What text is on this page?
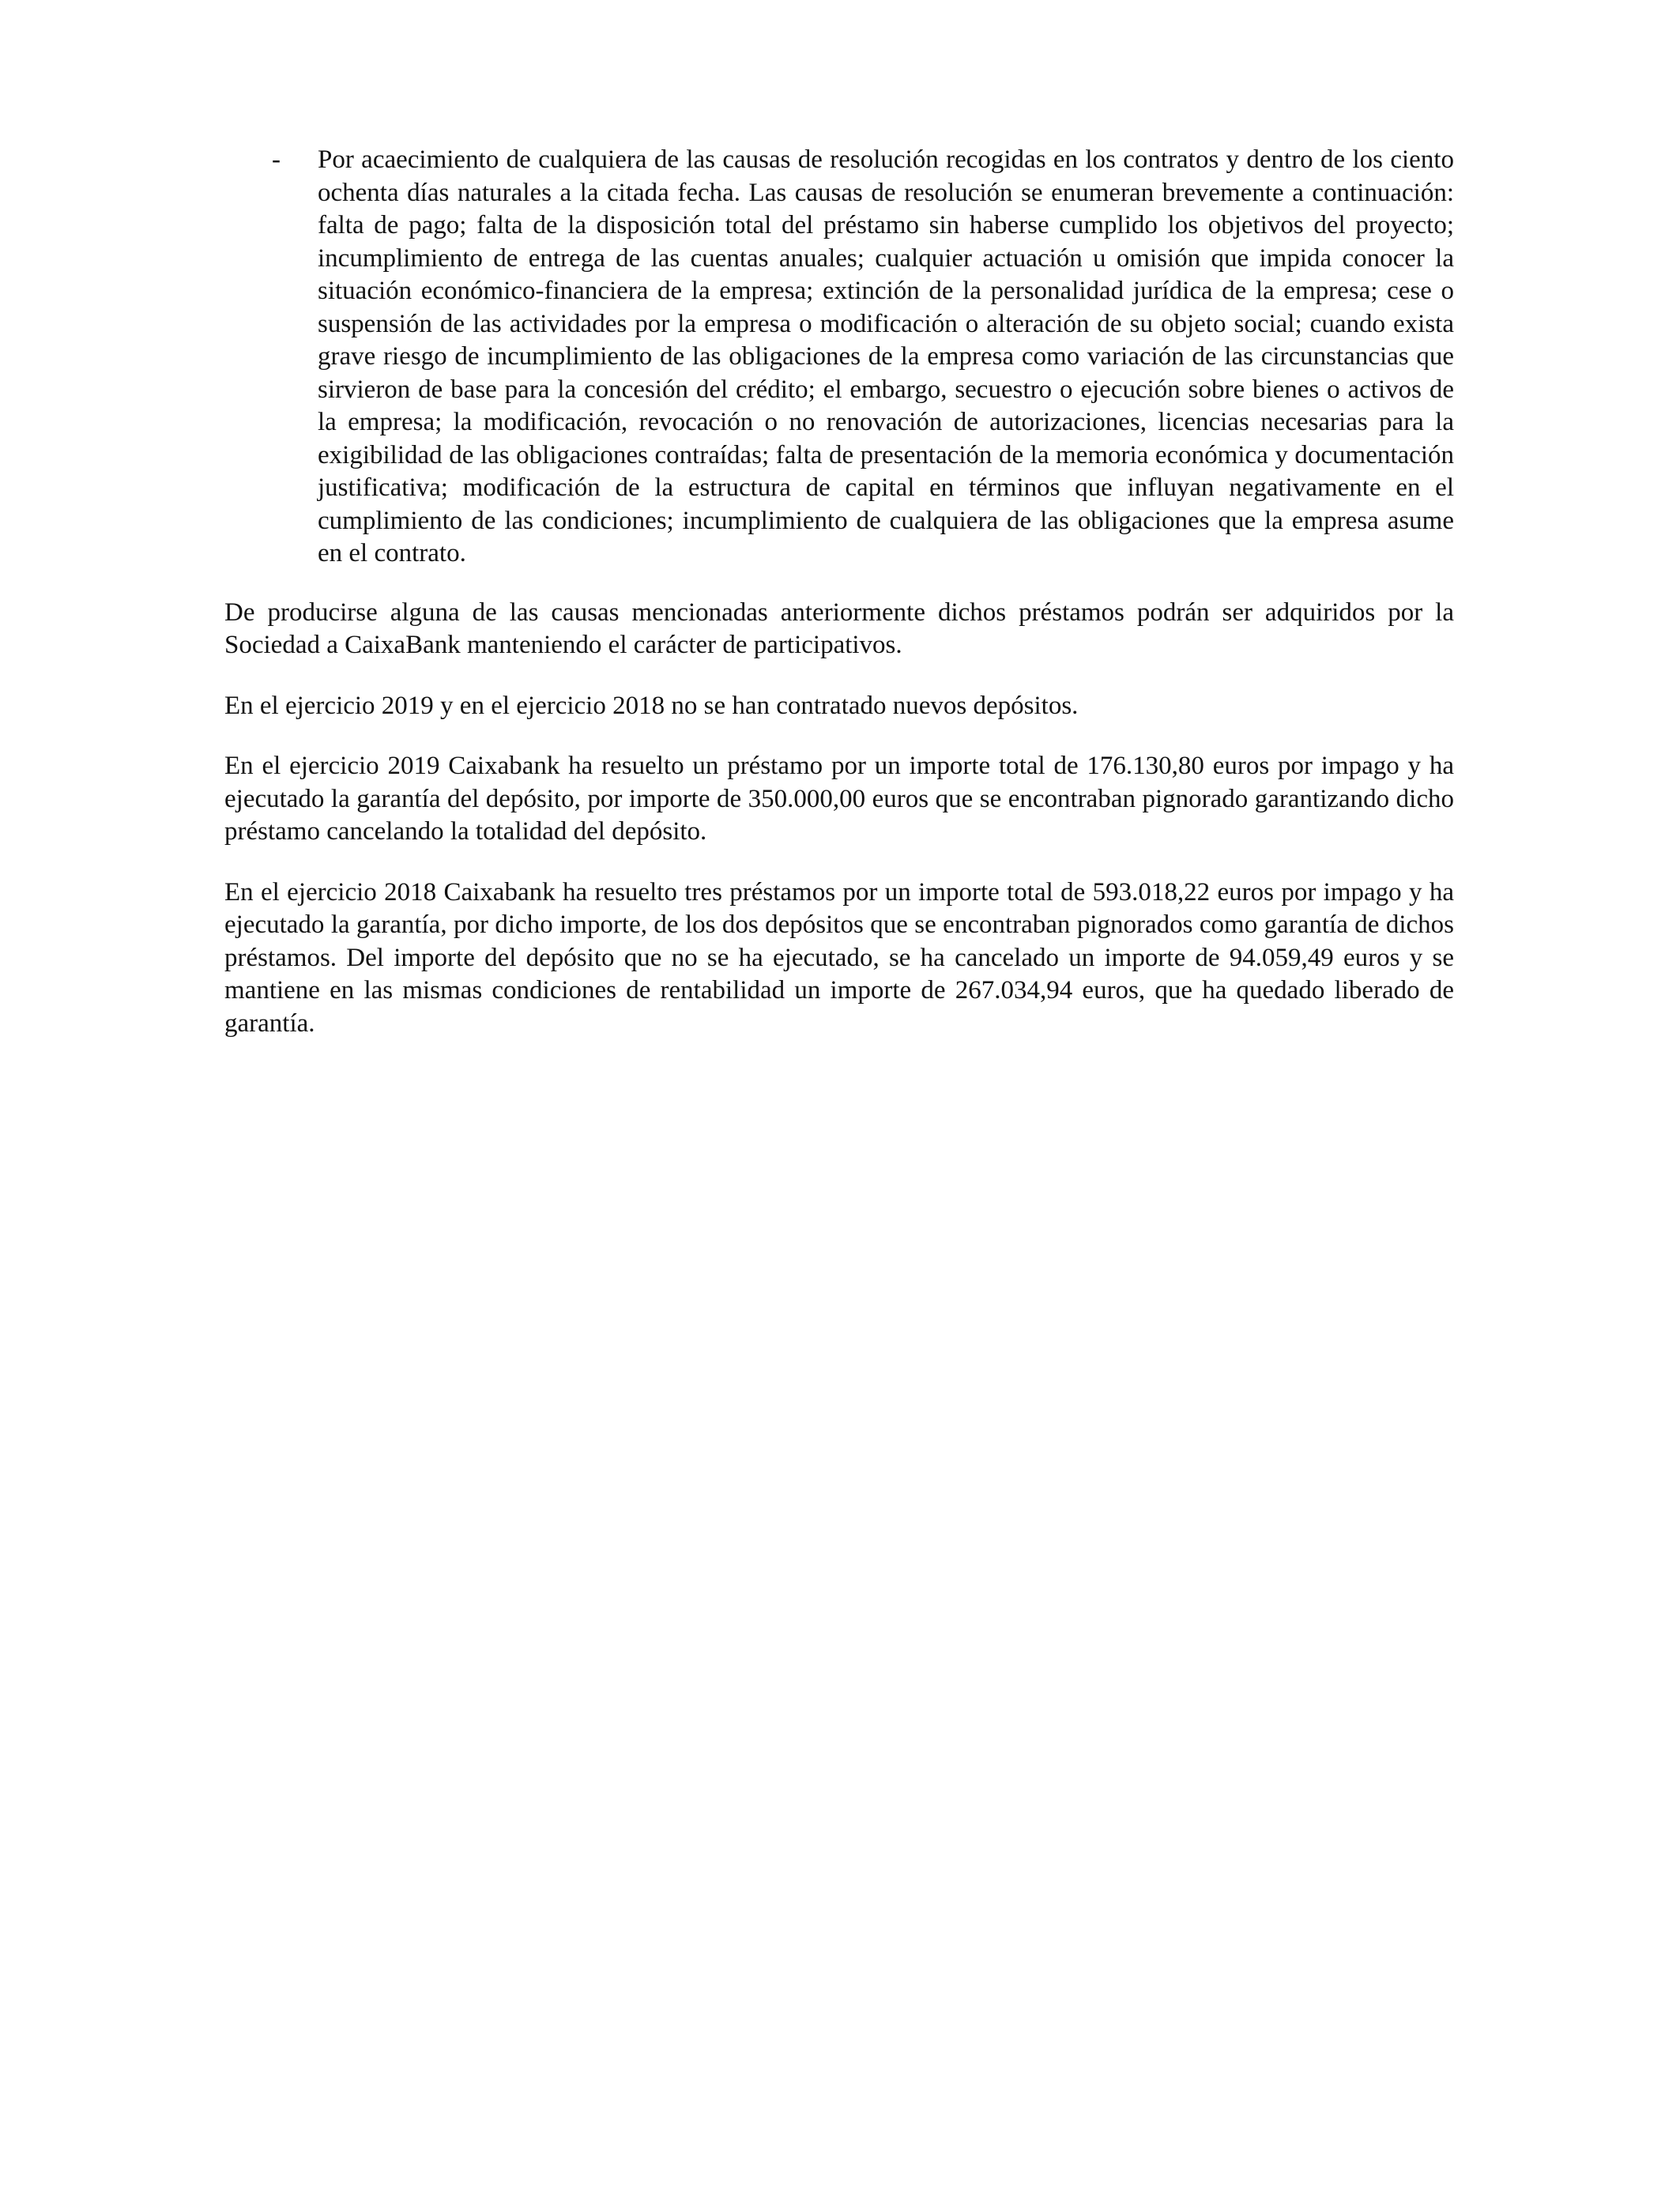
- Por acaecimiento de cualquiera de las causas de resolución recogidas en los contratos y dentro de los ciento ochenta días naturales a la citada fecha. Las causas de resolución se enumeran brevemente a continuación: falta de pago; falta de la disposición total del préstamo sin haberse cumplido los objetivos del proyecto; incumplimiento de entrega de las cuentas anuales; cualquier actuación u omisión que impida conocer la situación económico-financiera de la empresa; extinción de la personalidad jurídica de la empresa; cese o suspensión de las actividades por la empresa o modificación o alteración de su objeto social; cuando exista grave riesgo de incumplimiento de las obligaciones de la empresa como variación de las circunstancias que sirvieron de base para la concesión del crédito; el embargo, secuestro o ejecución sobre bienes o activos de la empresa; la modificación, revocación o no renovación de autorizaciones, licencias necesarias para la exigibilidad de las obligaciones contraídas; falta de presentación de la memoria económica y documentación justificativa; modificación de la estructura de capital en términos que influyan negativamente en el cumplimiento de las condiciones; incumplimiento de cualquiera de las obligaciones que la empresa asume en el contrato.

De producirse alguna de las causas mencionadas anteriormente dichos préstamos podrán ser adquiridos por la Sociedad a CaixaBank manteniendo el carácter de participativos.

En el ejercicio 2019 y en el ejercicio 2018 no se han contratado nuevos depósitos.

En el ejercicio 2019 Caixabank ha resuelto un préstamo por un importe total de 176.130,80 euros por impago y ha ejecutado la garantía del depósito, por importe de 350.000,00 euros que se encontraban pignorado garantizando dicho préstamo cancelando la totalidad del depósito.

En el ejercicio 2018 Caixabank ha resuelto tres préstamos por un importe total de 593.018,22 euros por impago y ha ejecutado la garantía, por dicho importe, de los dos depósitos que se encontraban pignorados como garantía de dichos préstamos. Del importe del depósito que no se ha ejecutado, se ha cancelado un importe de 94.059,49 euros y se mantiene en las mismas condiciones de rentabilidad un importe de 267.034,94 euros, que ha quedado liberado de garantía.
